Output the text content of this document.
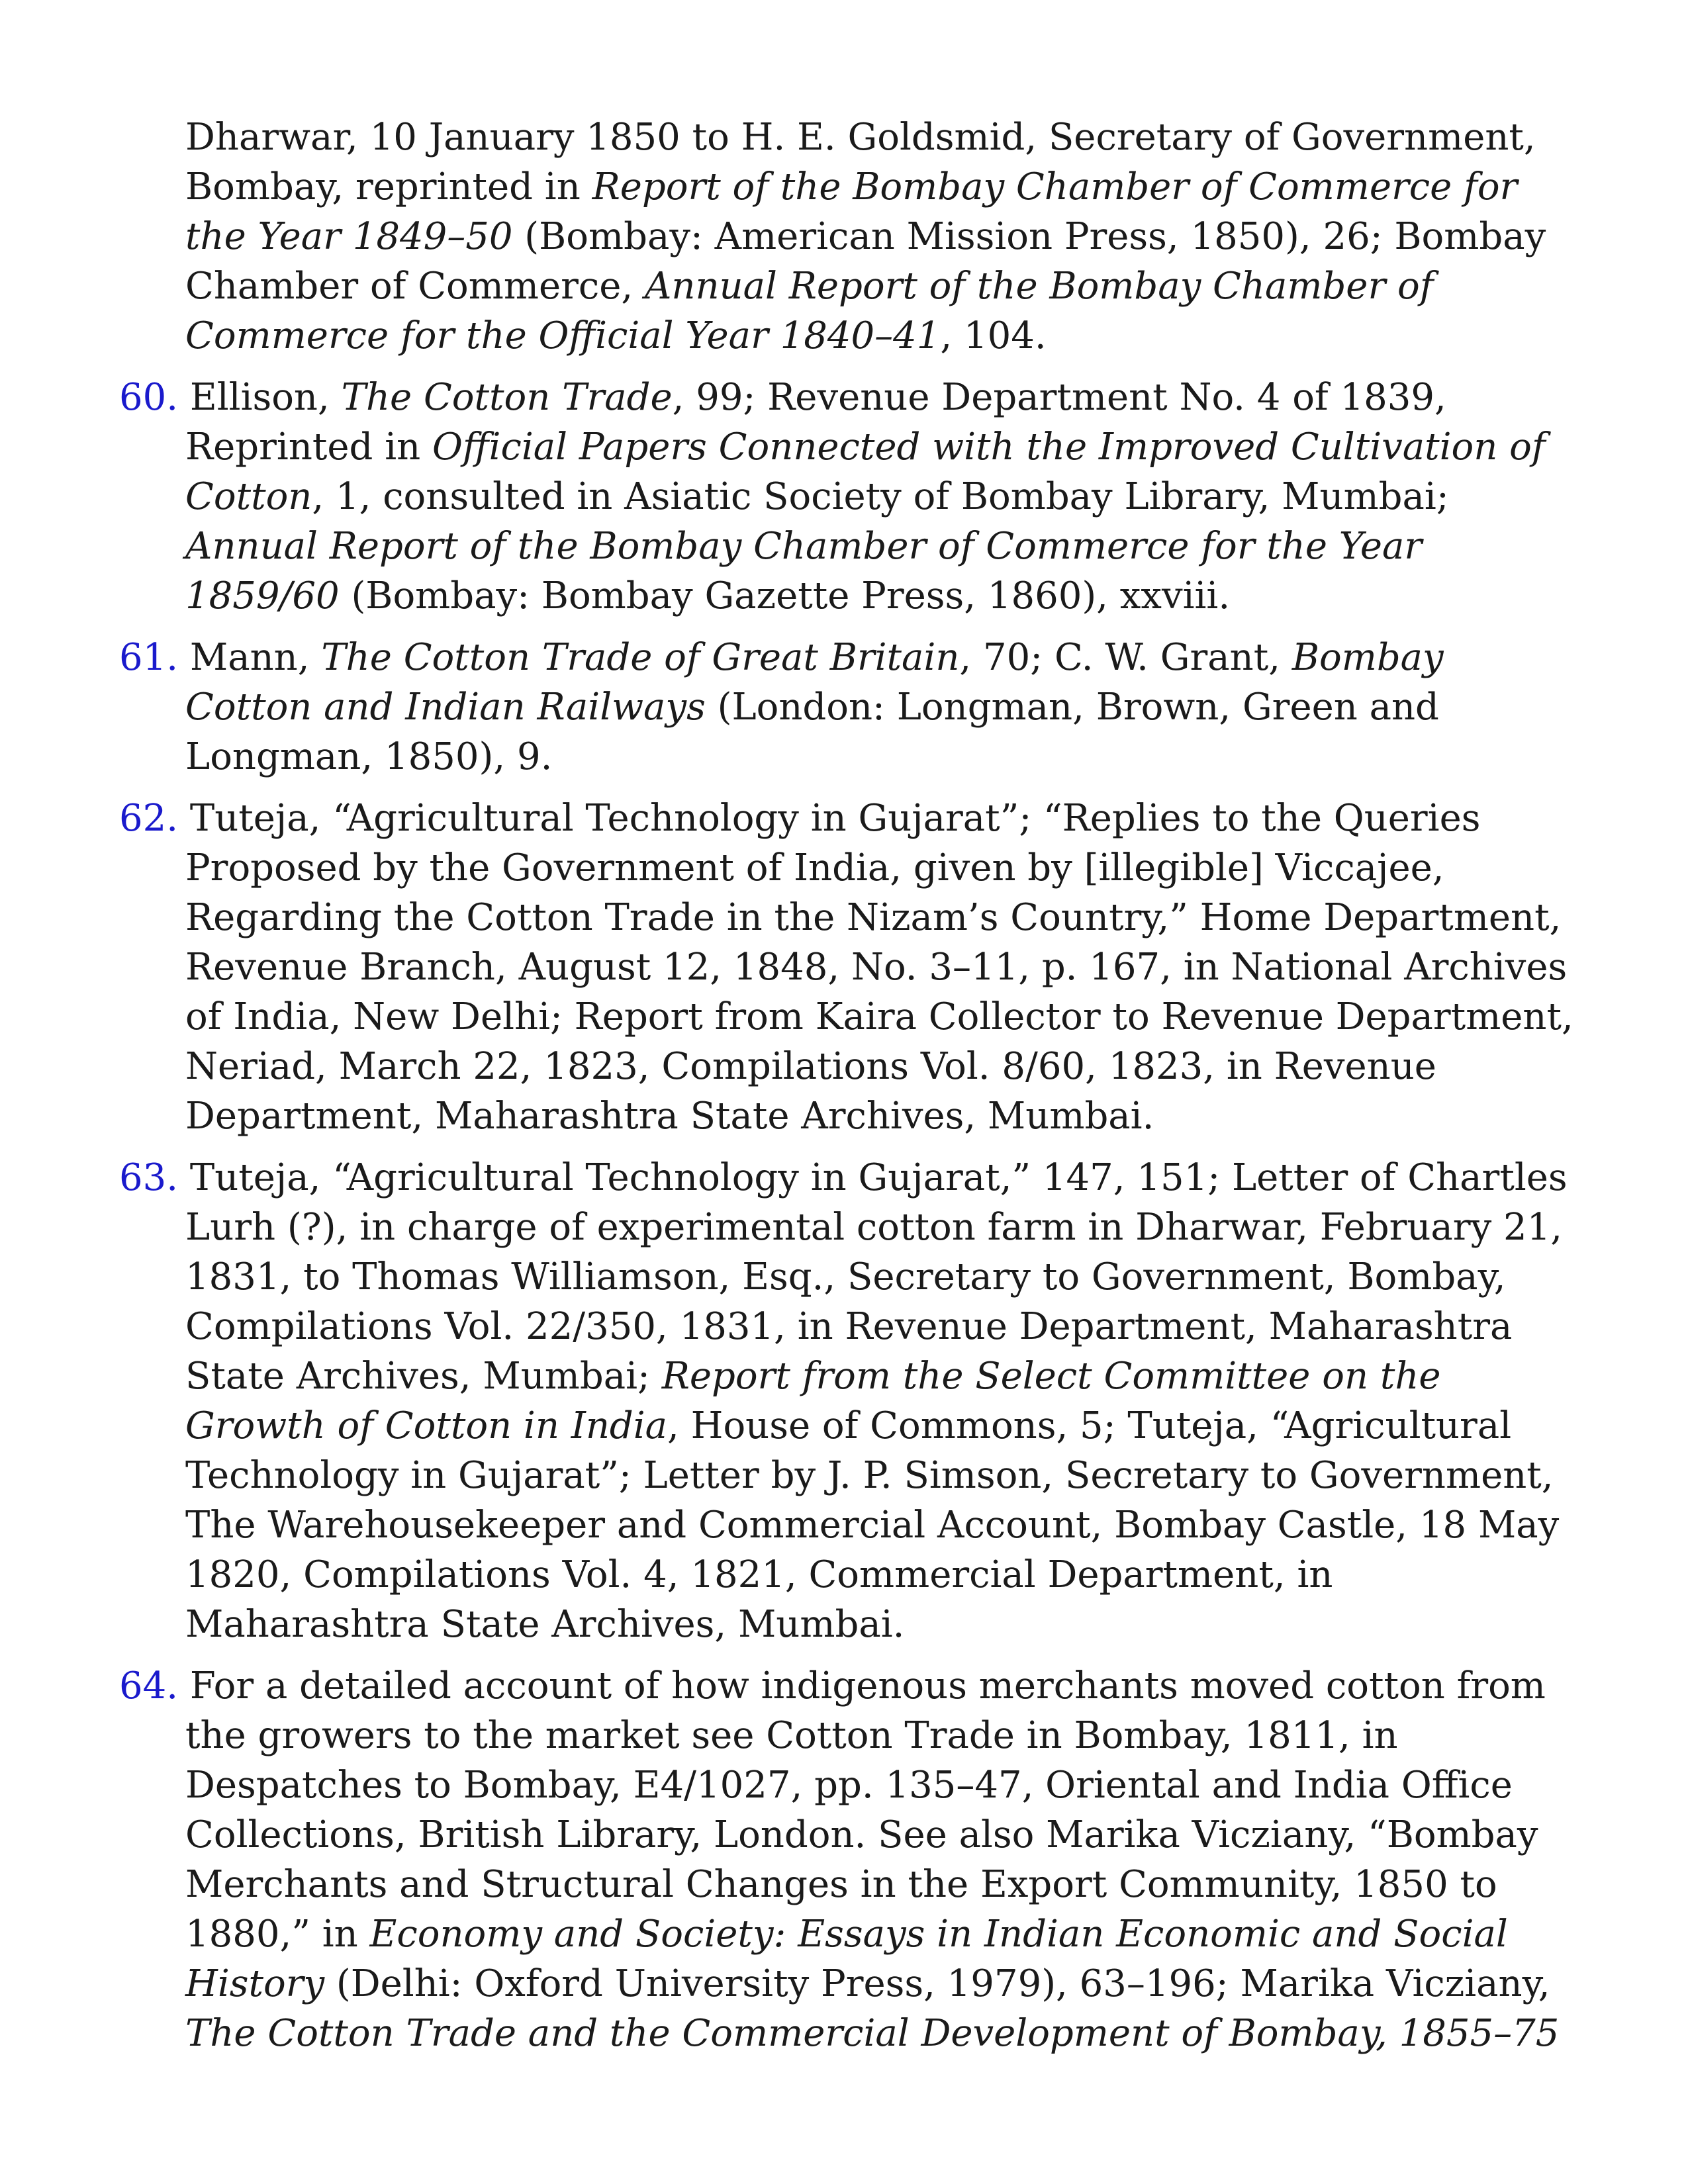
Dharwar, 10 January 1850 to H. E. Goldsmid, Secretary of Government, Bombay, reprinted in Report of the Bombay Chamber of Commerce for the Year 1849–50 (Bombay: American Mission Press, 1850), 26; Bombay Chamber of Commerce, Annual Report of the Bombay Chamber of Commerce for the Official Year 1840–41, 104.

60. Ellison, The Cotton Trade, 99; Revenue Department No. 4 of 1839, Reprinted in Official Papers Connected with the Improved Cultivation of Cotton, 1, consulted in Asiatic Society of Bombay Library, Mumbai; Annual Report of the Bombay Chamber of Commerce for the Year 1859/60 (Bombay: Bombay Gazette Press, 1860), xxviii.

61. Mann, The Cotton Trade of Great Britain, 70; C. W. Grant, Bombay Cotton and Indian Railways (London: Longman, Brown, Green and Longman, 1850), 9.

62. Tuteja, “Agricultural Technology in Gujarat”; “Replies to the Queries Proposed by the Government of India, given by [illegible] Viccajee, Regarding the Cotton Trade in the Nizam’s Country,” Home Department, Revenue Branch, August 12, 1848, No. 3–11, p. 167, in National Archives of India, New Delhi; Report from Kaira Collector to Revenue Department, Neriad, March 22, 1823, Compilations Vol. 8/60, 1823, in Revenue Department, Maharashtra State Archives, Mumbai.

63. Tuteja, “Agricultural Technology in Gujarat,” 147, 151; Letter of Chartles Lurh (?), in charge of experimental cotton farm in Dharwar, February 21, 1831, to Thomas Williamson, Esq., Secretary to Government, Bombay, Compilations Vol. 22/350, 1831, in Revenue Department, Maharashtra State Archives, Mumbai; Report from the Select Committee on the Growth of Cotton in India, House of Commons, 5; Tuteja, “Agricultural Technology in Gujarat”; Letter by J. P. Simson, Secretary to Government, The Warehousekeeper and Commercial Account, Bombay Castle, 18 May 1820, Compilations Vol. 4, 1821, Commercial Department, in Maharashtra State Archives, Mumbai.

64. For a detailed account of how indigenous merchants moved cotton from the growers to the market see Cotton Trade in Bombay, 1811, in Despatches to Bombay, E4/1027, pp. 135–47, Oriental and India Office Collections, British Library, London. See also Marika Vicziany, “Bombay Merchants and Structural Changes in the Export Community, 1850 to 1880,” in Economy and Society: Essays in Indian Economic and Social History (Delhi: Oxford University Press, 1979), 63–196; Marika Vicziany, The Cotton Trade and the Commercial Development of Bombay, 1855–75
